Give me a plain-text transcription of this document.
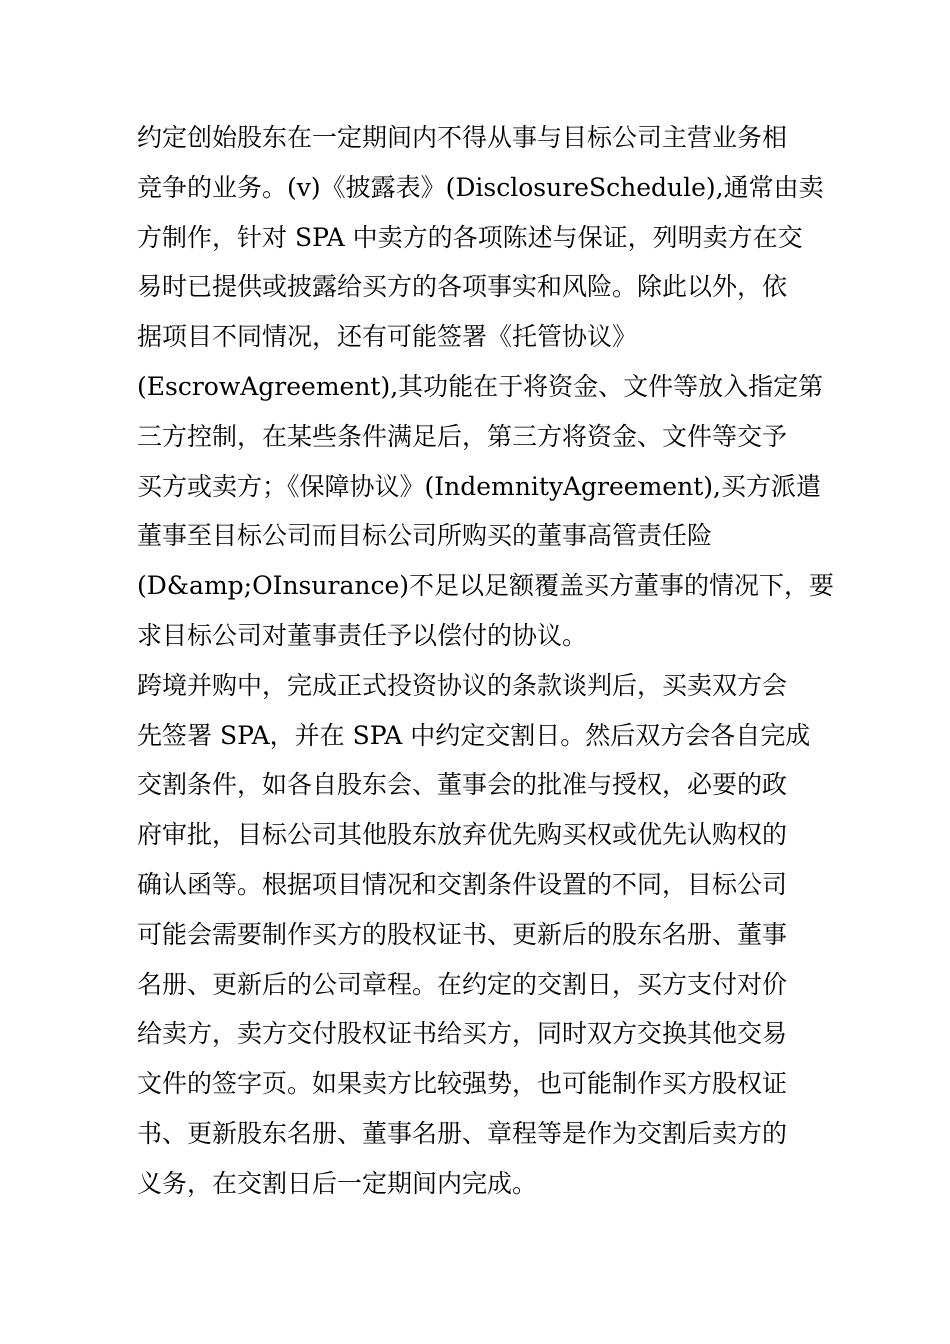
约定创始股东在一定期间内不得从事与目标公司主营业务相
竞争的业务。(v)《披露表》(DisclosureSchedule),通常由卖
方制作，针对 SPA 中卖方的各项陈述与保证，列明卖方在交
易时已提供或披露给买方的各项事实和风险。除此以外，依
据项目不同情况，还有可能签署《托管协议》
(EscrowAgreement),其功能在于将资金、文件等放入指定第
三方控制，在某些条件满足后，第三方将资金、文件等交予
买方或卖方；《保障协议》(IndemnityAgreement),买方派遣
董事至目标公司而目标公司所购买的董事高管责任险
(D&amp;OInsurance)不足以足额覆盖买方董事的情况下，要
求目标公司对董事责任予以偿付的协议。
跨境并购中，完成正式投资协议的条款谈判后，买卖双方会
先签署 SPA，并在 SPA 中约定交割日。然后双方会各自完成
交割条件，如各自股东会、董事会的批准与授权，必要的政
府审批，目标公司其他股东放弃优先购买权或优先认购权的
确认函等。根据项目情况和交割条件设置的不同，目标公司
可能会需要制作买方的股权证书、更新后的股东名册、董事
名册、更新后的公司章程。在约定的交割日，买方支付对价
给卖方，卖方交付股权证书给买方，同时双方交换其他交易
文件的签字页。如果卖方比较强势，也可能制作买方股权证
书、更新股东名册、董事名册、章程等是作为交割后卖方的
义务，在交割日后一定期间内完成。
